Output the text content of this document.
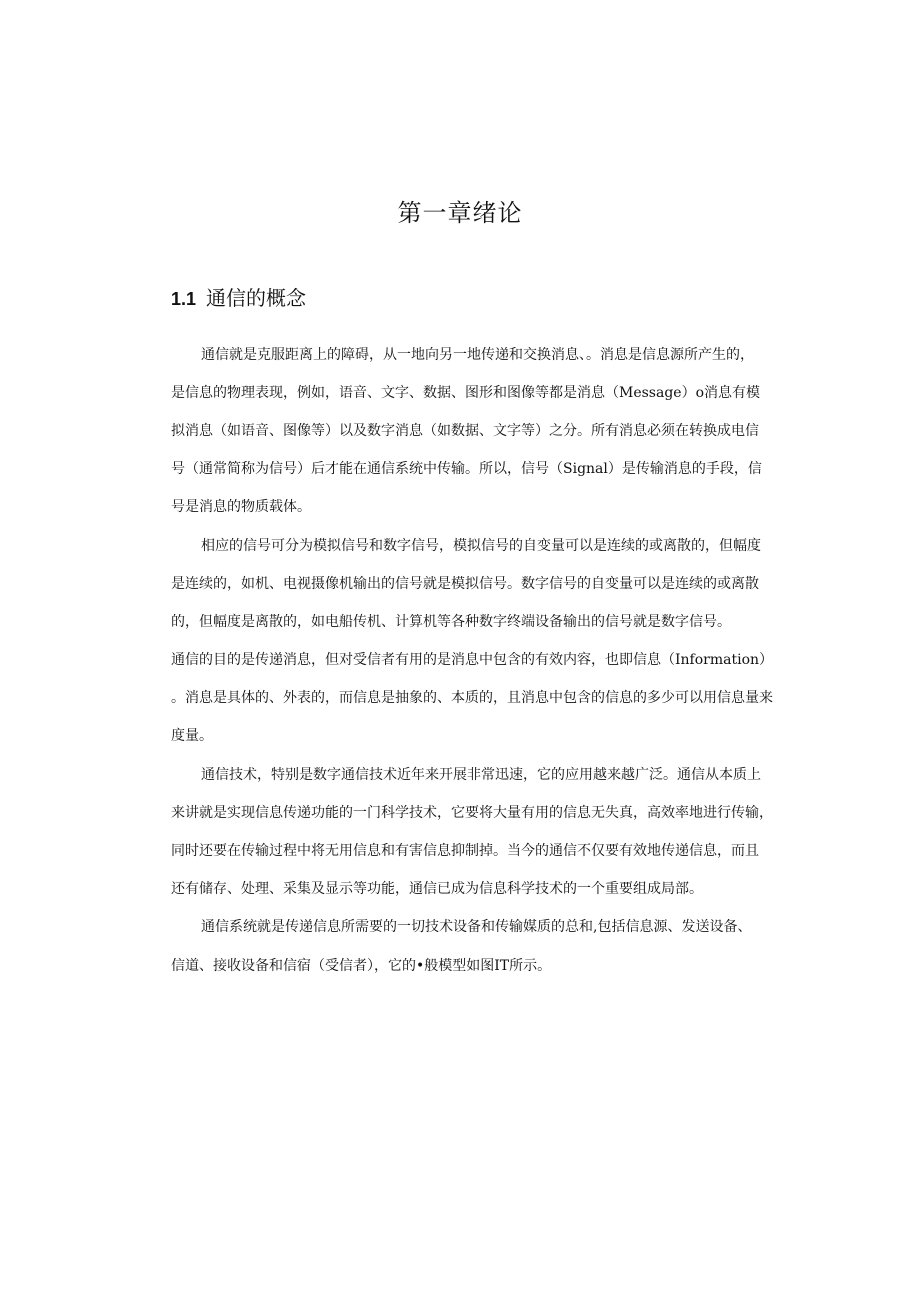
第一章绪论
1.1 通信的概念
通信就是克服距离上的障碍，从一地向另一地传递和交换消息、。消息是信息源所产生的，
是信息的物理表现，例如，语音、文字、数据、图形和图像等都是消息（Message）o消息有模
拟消息（如语音、图像等）以及数字消息（如数据、文字等）之分。所有消息必须在转换成电信
号（通常简称为信号）后才能在通信系统中传输。所以，信号（Signal）是传输消息的手段，信
号是消息的物质载体。
相应的信号可分为模拟信号和数字信号，模拟信号的自变量可以是连续的或离散的，但幅度
是连续的，如机、电视摄像机输出的信号就是模拟信号。数字信号的自变量可以是连续的或离散
的，但幅度是离散的，如电船传机、计算机等各种数字终端设备输出的信号就是数字信号。
通信的目的是传递消息，但对受信者有用的是消息中包含的有效内容，也即信息（Information）
。消息是具体的、外表的，而信息是抽象的、本质的，且消息中包含的信息的多少可以用信息量来
度量。
通信技术，特别是数字通信技术近年来开展非常迅速，它的应用越来越广泛。通信从本质上
来讲就是实现信息传递功能的一门科学技术，它要将大量有用的信息无失真，高效率地进行传输，
同时还要在传输过程中将无用信息和有害信息抑制掉。当今的通信不仅要有效地传递信息，而且
还有储存、处理、采集及显示等功能，通信已成为信息科学技术的一个重要组成局部。
通信系统就是传递信息所需要的一切技术设备和传输媒质的总和,包括信息源、发送设备、
信道、接收设备和信宿（受信者），它的•般模型如图IT所示。
